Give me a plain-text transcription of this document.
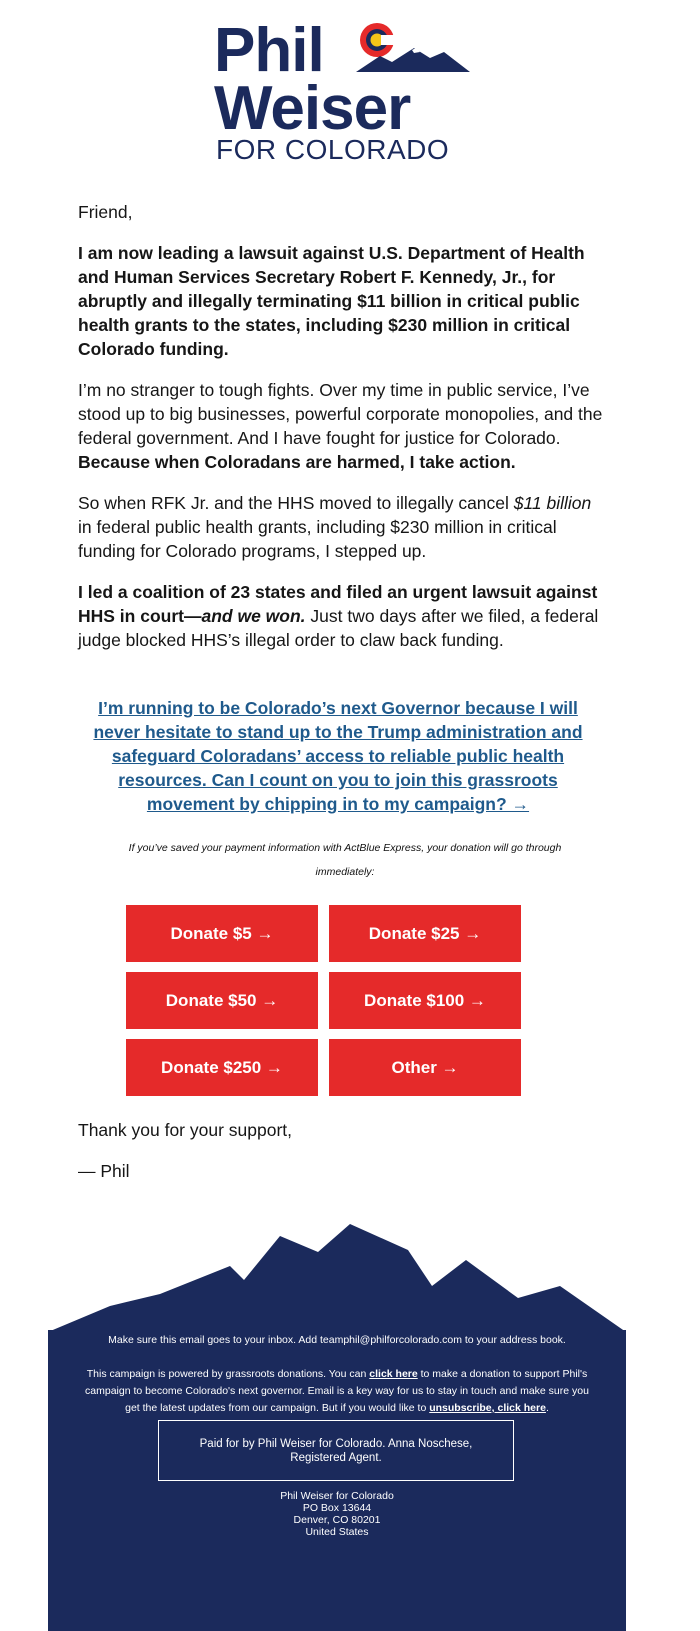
Phil
Weiser
FOR COLORADO

Friend,

I am now leading a lawsuit against U.S. Department of Health and Human Services Secretary Robert F. Kennedy, Jr., for abruptly and illegally terminating $11 billion in critical public health grants to the states, including $230 million in critical Colorado funding.

I’m no stranger to tough fights. Over my time in public service, I’ve stood up to big businesses, powerful corporate monopolies, and the federal government. And I have fought for justice for Colorado. Because when Coloradans are harmed, I take action.

So when RFK Jr. and the HHS moved to illegally cancel $11 billion in federal public health grants, including $230 million in critical funding for Colorado programs, I stepped up.

I led a coalition of 23 states and filed an urgent lawsuit against HHS in court—and we won. Just two days after we filed, a federal judge blocked HHS’s illegal order to claw back funding.

I’m running to be Colorado’s next Governor because I will never hesitate to stand up to the Trump administration and safeguard Coloradans’ access to reliable public health resources. Can I count on you to join this grassroots movement by chipping in to my campaign? →
If you’ve saved your payment information with ActBlue Express, your donation will go through immediately:
Donate $5 →	Donate $25 →
Donate $50 →	Donate $100 →
Donate $250 →	Other →

Thank you for your support,

— Phil

Make sure this email goes to your inbox. Add teamphil@philforcolorado.com to your address book.
This campaign is powered by grassroots donations. You can click here to make a donation to support Phil's campaign to become Colorado's next governor. Email is a key way for us to stay in touch and make sure you get the latest updates from our campaign. But if you would like to unsubscribe, click here.
Paid for by Phil Weiser for Colorado. Anna Noschese, Registered Agent.
Phil Weiser for Colorado
PO Box 13644
Denver, CO 80201
United States
